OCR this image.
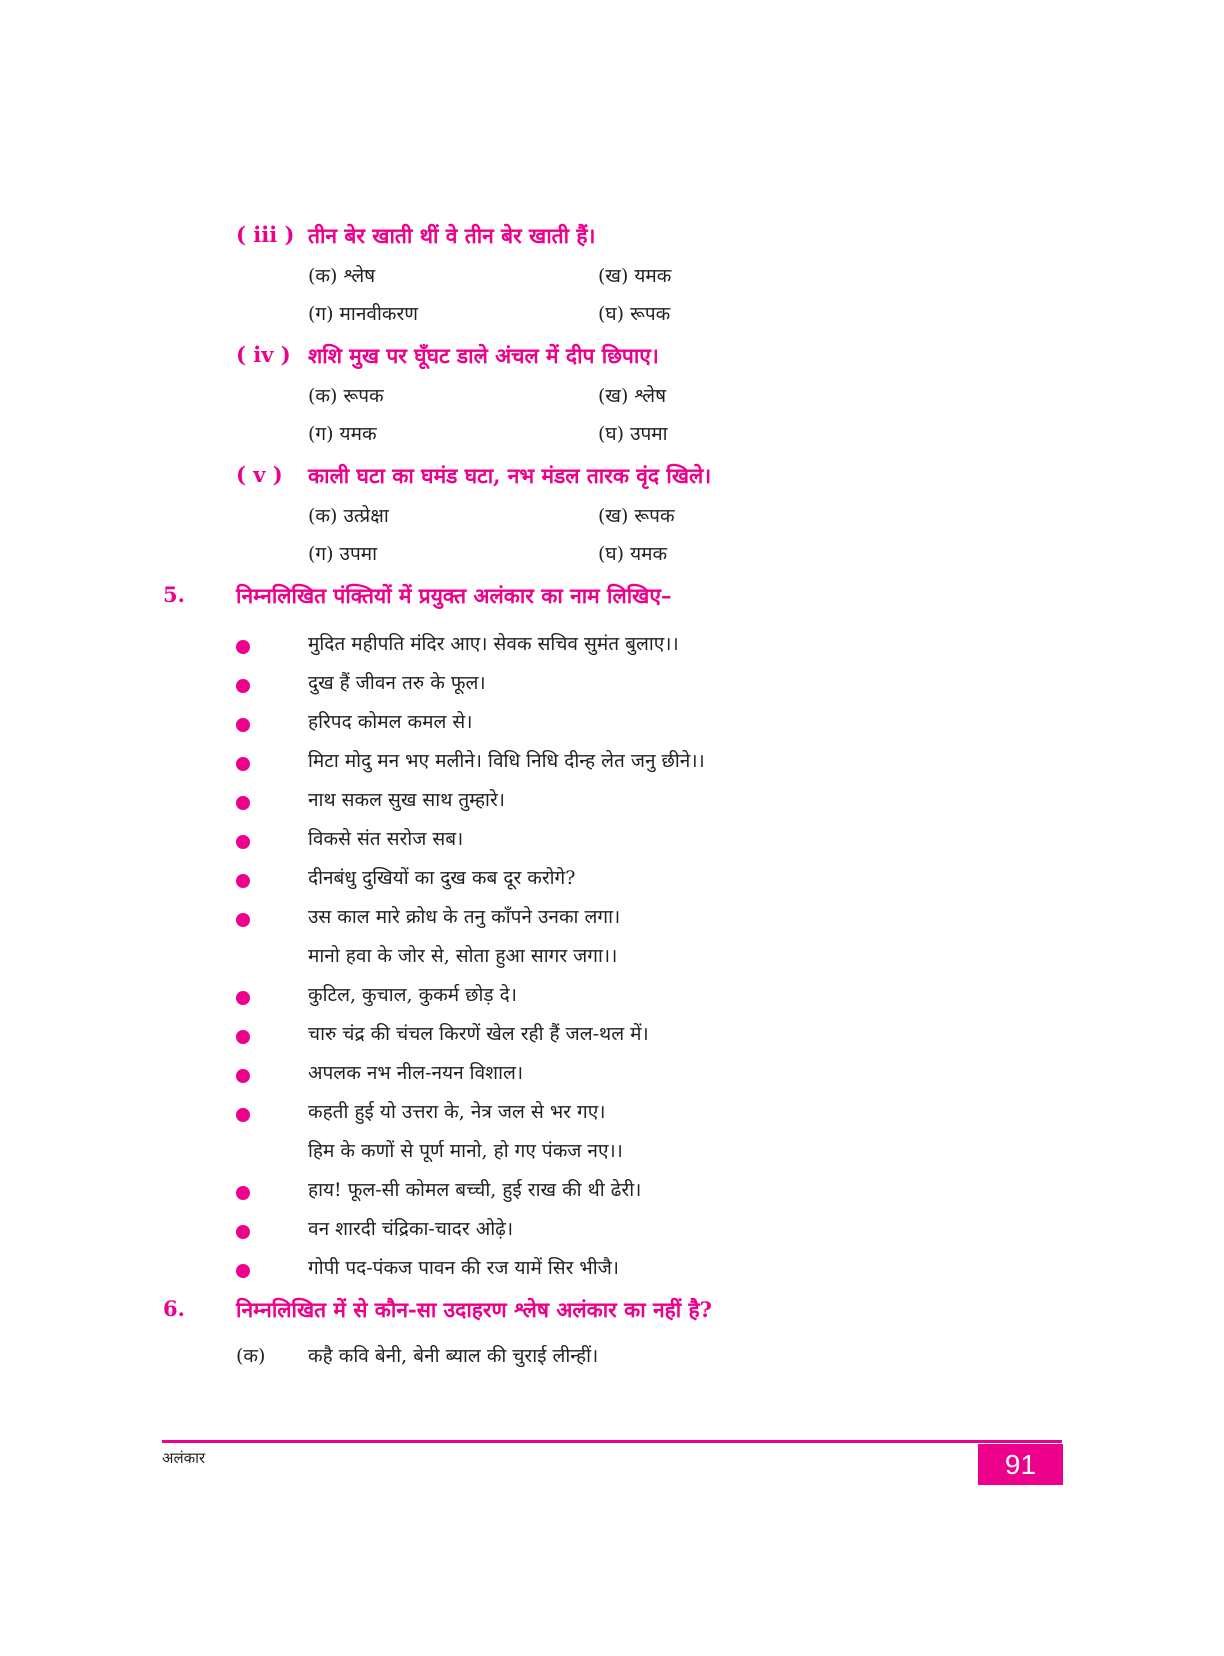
( iii ) तीन बेर खाती थीं वे तीन बेर खाती हैं।
(क) श्लेष	(ख) यमक
(ग) मानवीकरण	(घ) रूपक
( iv ) शशि मुख पर घूँघट डाले अंचल में दीप छिपाए।
(क) रूपक	(ख) श्लेष
(ग) यमक	(घ) उपमा
( v ) काली घटा का घमंड घटा, नभ मंडल तारक वृंद खिले।
(क) उत्प्रेक्षा	(ख) रूपक
(ग) उपमा	(घ) यमक
5. निम्नलिखित पंक्तियों में प्रयुक्त अलंकार का नाम लिखिए–
मुदित महीपति मंदिर आए। सेवक सचिव सुमंत बुलाए।।
दुख हैं जीवन तरु के फूल।
हरिपद कोमल कमल से।
मिटा मोदु मन भए मलीने। विधि निधि दीन्ह लेत जनु छीने।।
नाथ सकल सुख साथ तुम्हारे।
विकसे संत सरोज सब।
दीनबंधु दुखियों का दुख कब दूर करोगे?
उस काल मारे क्रोध के तनु काँपने उनका लगा।
मानो हवा के जोर से, सोता हुआ सागर जगा।।
कुटिल, कुचाल, कुकर्म छोड़ दे।
चारु चंद्र की चंचल किरणें खेल रही हैं जल-थल में।
अपलक नभ नील-नयन विशाल।
कहती हुई यो उत्तरा के, नेत्र जल से भर गए।
हिम के कणों से पूर्ण मानो, हो गए पंकज नए।।
हाय! फूल-सी कोमल बच्ची, हुई राख की थी ढेरी।
वन शारदी चंद्रिका-चादर ओढ़े।
गोपी पद-पंकज पावन की रज यामें सिर भीजै।
6. निम्नलिखित में से कौन-सा उदाहरण श्लेष अलंकार का नहीं है?
(क) कहै कवि बेनी, बेनी ब्याल की चुराई लीन्हीं।
अलंकार	91
